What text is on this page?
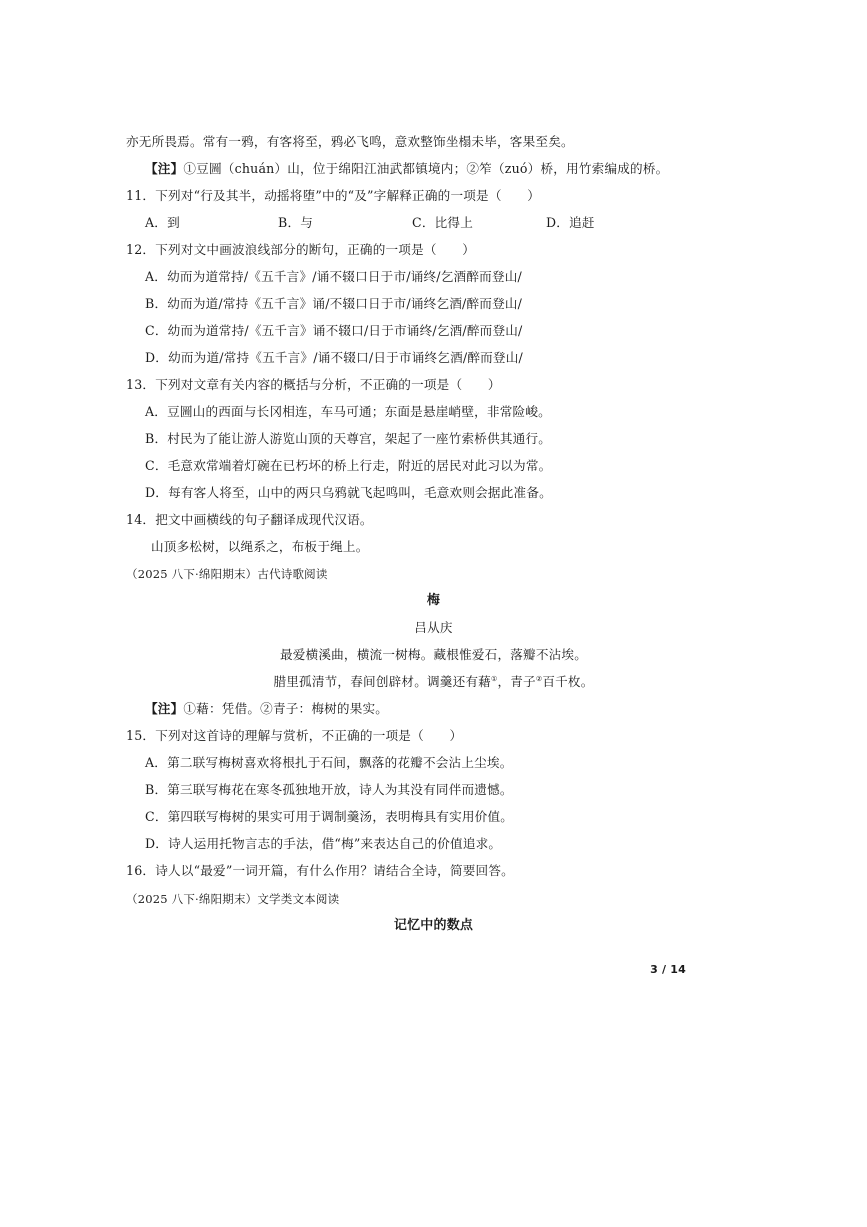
亦无所畏焉。常有一鸦，有客将至，鸦必飞鸣，意欢整饰坐榻未毕，客果至矣。
【注】①豆圌（chuán）山，位于绵阳江油武都镇境内；②笮（zuó）桥，用竹索编成的桥。
11．下列对“行及其半，动摇将堕”中的“及”字解释正确的一项是（　　）
A．到	B．与	C．比得上	D．追赶
12．下列对文中画波浪线部分的断句，正确的一项是（　　）
A．幼而为道常持/《五千言》/诵不辍口日于市/诵终/乞酒醉而登山/
B．幼而为道/常持《五千言》诵/不辍口日于市/诵终乞酒/醉而登山/
C．幼而为道常持/《五千言》诵不辍口/日于市诵终/乞酒/醉而登山/
D．幼而为道/常持《五千言》/诵不辍口/日于市诵终乞酒/醉而登山/
13．下列对文章有关内容的概括与分析，不正确的一项是（　　）
A．豆圌山的西面与长冈相连，车马可通；东面是悬崖峭壁，非常险峻。
B．村民为了能让游人游览山顶的天尊宫，架起了一座竹索桥供其通行。
C．毛意欢常端着灯碗在已朽坏的桥上行走，附近的居民对此习以为常。
D．每有客人将至，山中的两只乌鸦就飞起鸣叫，毛意欢则会据此准备。
14．把文中画横线的句子翻译成现代汉语。
山顶多松树，以绳系之，布板于绳上。
（2025 八下·绵阳期末）古代诗歌阅读
梅
吕从庆
最爱横溪曲，横流一树梅。藏根惟爱石，落瓣不沾埃。
腊里孤清节，春间创辟材。调羹还有藉①，青子②百千枚。
【注】①藉：凭借。②青子：梅树的果实。
15．下列对这首诗的理解与赏析，不正确的一项是（　　）
A．第二联写梅树喜欢将根扎于石间，飘落的花瓣不会沾上尘埃。
B．第三联写梅花在寒冬孤独地开放，诗人为其没有同伴而遗憾。
C．第四联写梅树的果实可用于调制羹汤，表明梅具有实用价值。
D．诗人运用托物言志的手法，借“梅”来表达自己的价值追求。
16．诗人以“最爱”一词开篇，有什么作用？请结合全诗，简要回答。
（2025 八下·绵阳期末）文学类文本阅读
记忆中的数点
3 / 14
